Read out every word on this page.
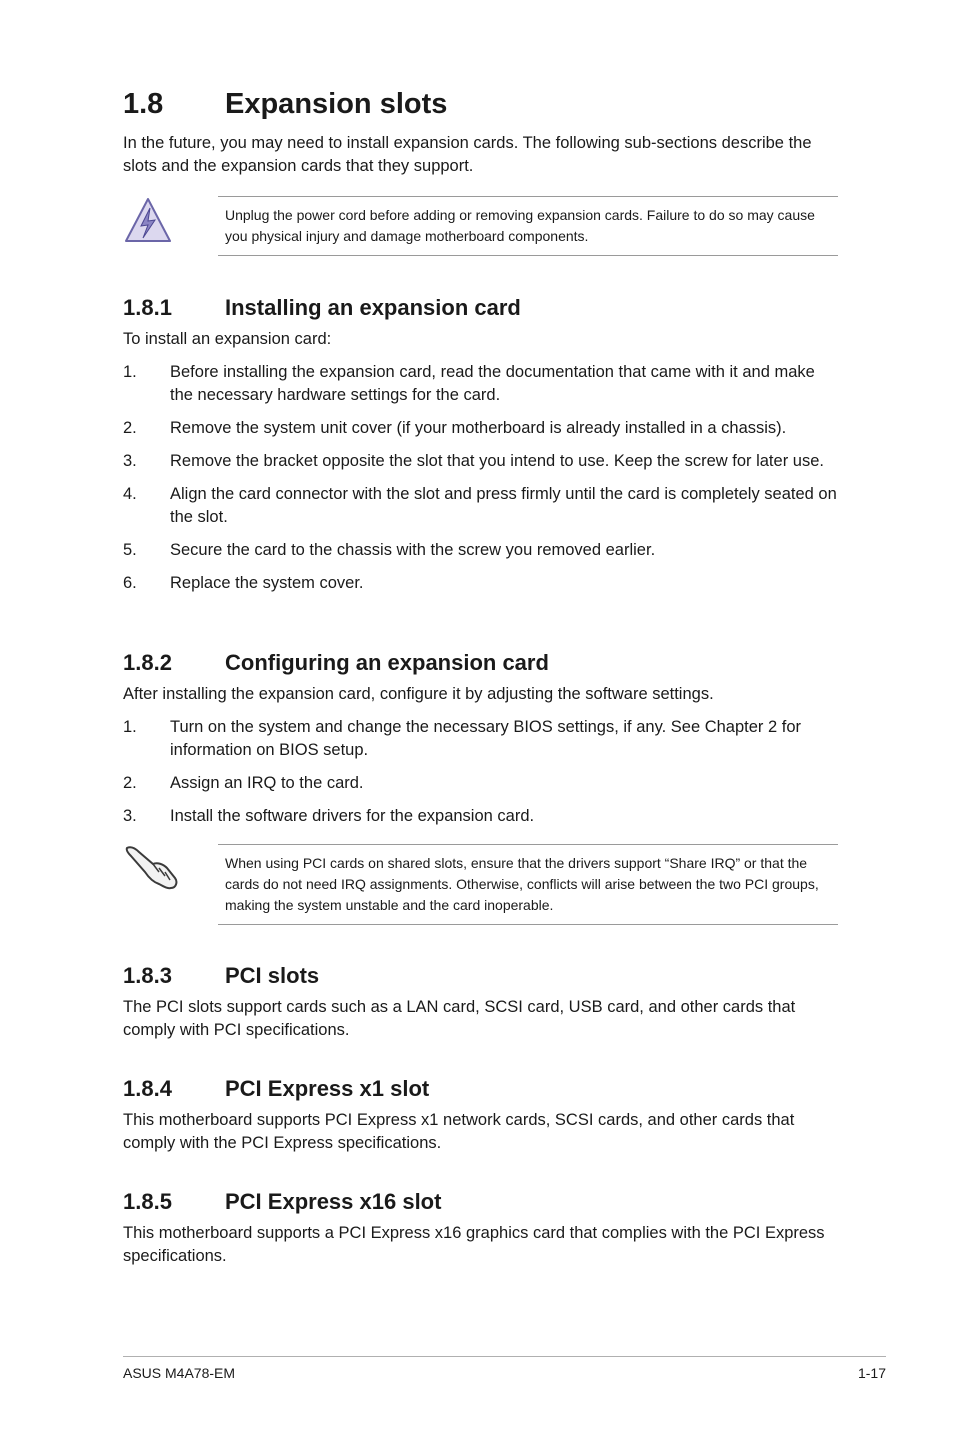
1.8 Expansion slots
In the future, you may need to install expansion cards. The following sub-sections describe the slots and the expansion cards that they support.
Unplug the power cord before adding or removing expansion cards. Failure to do so may cause you physical injury and damage motherboard components.
1.8.1 Installing an expansion card
To install an expansion card:
1. Before installing the expansion card, read the documentation that came with it and make the necessary hardware settings for the card.
2. Remove the system unit cover (if your motherboard is already installed in a chassis).
3. Remove the bracket opposite the slot that you intend to use. Keep the screw for later use.
4. Align the card connector with the slot and press firmly until the card is completely seated on the slot.
5. Secure the card to the chassis with the screw you removed earlier.
6. Replace the system cover.
1.8.2 Configuring an expansion card
After installing the expansion card, configure it by adjusting the software settings.
1. Turn on the system and change the necessary BIOS settings, if any. See Chapter 2 for information on BIOS setup.
2. Assign an IRQ to the card.
3. Install the software drivers for the expansion card.
When using PCI cards on shared slots, ensure that the drivers support “Share IRQ” or that the cards do not need IRQ assignments. Otherwise, conflicts will arise between the two PCI groups, making the system unstable and the card inoperable.
1.8.3 PCI slots
The PCI slots support cards such as a LAN card, SCSI card, USB card, and other cards that comply with PCI specifications.
1.8.4 PCI Express x1 slot
This motherboard supports PCI Express x1 network cards, SCSI cards, and other cards that comply with the PCI Express specifications.
1.8.5 PCI Express x16 slot
This motherboard supports a PCI Express x16 graphics card that complies with the PCI Express specifications.
ASUS M4A78-EM	1-17
